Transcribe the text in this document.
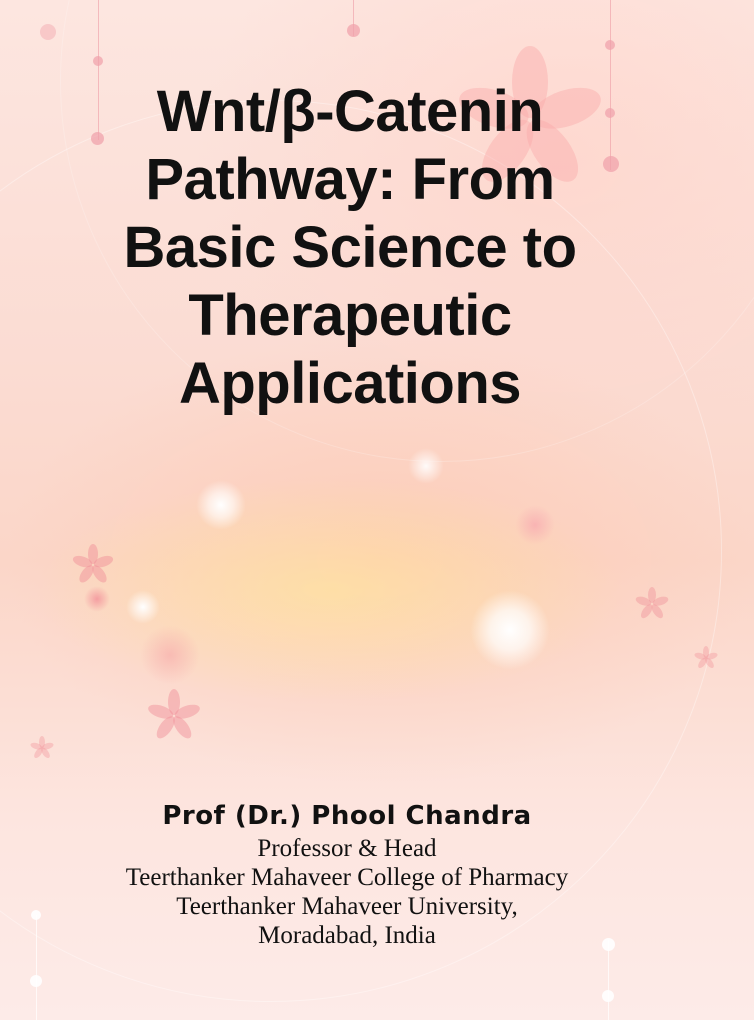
Wnt/β-Catenin
Pathway: From
Basic Science to
Therapeutic
Applications
Prof (Dr.) Phool Chandra
Professor & Head
Teerthanker Mahaveer College of Pharmacy
Teerthanker Mahaveer University,
Moradabad, India
